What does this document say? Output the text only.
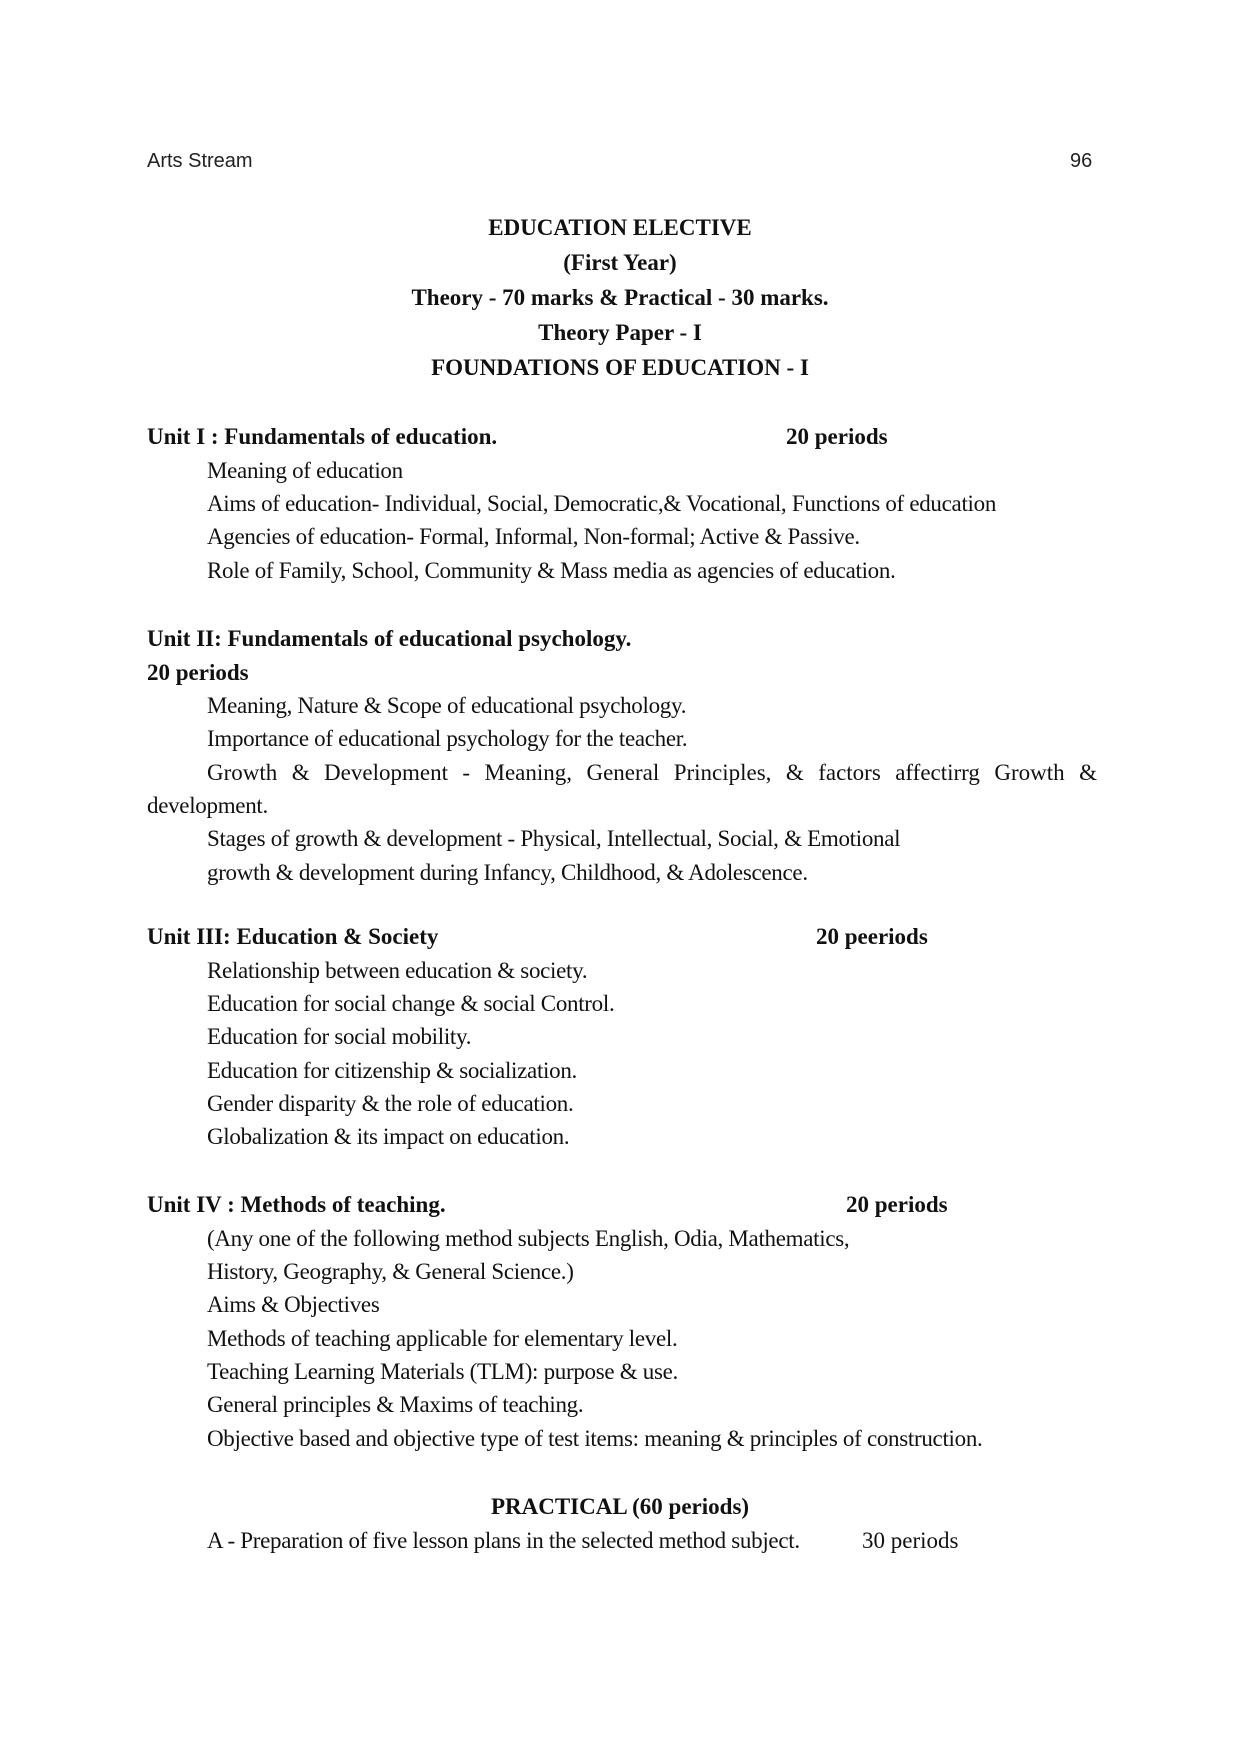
Arts Stream	96
EDUCATION ELECTIVE
(First Year)
Theory - 70 marks & Practical - 30 marks.
Theory Paper - I
FOUNDATIONS OF EDUCATION - I
Unit I : Fundamentals of education.	20 periods
Meaning of education
Aims of education- Individual, Social, Democratic,& Vocational, Functions of education
Agencies of education- Formal, Informal, Non-formal; Active & Passive.
Role of Family, School, Community & Mass media as agencies of education.
Unit II: Fundamentals of educational psychology.
20 periods
Meaning, Nature & Scope of educational psychology.
Importance of educational psychology for the teacher.
Growth & Development - Meaning, General Principles, & factors affectirrg Growth &
development.
Stages of growth & development - Physical, Intellectual, Social, & Emotional
growth & development during Infancy, Childhood, & Adolescence.
Unit III: Education & Society	20 peeriods
Relationship between education & society.
Education for social change & social Control.
Education for social mobility.
Education for citizenship & socialization.
Gender disparity & the role of education.
Globalization & its impact on education.
Unit IV : Methods of teaching.	20 periods
(Any one of the following method subjects English, Odia, Mathematics,
History, Geography, & General Science.)
Aims & Objectives
Methods of teaching applicable for elementary level.
Teaching Learning Materials (TLM): purpose & use.
General principles & Maxims of teaching.
Objective based and objective type of test items: meaning & principles of construction.
PRACTICAL (60 periods)
A - Preparation of five lesson plans in the selected method subject.	30 periods
